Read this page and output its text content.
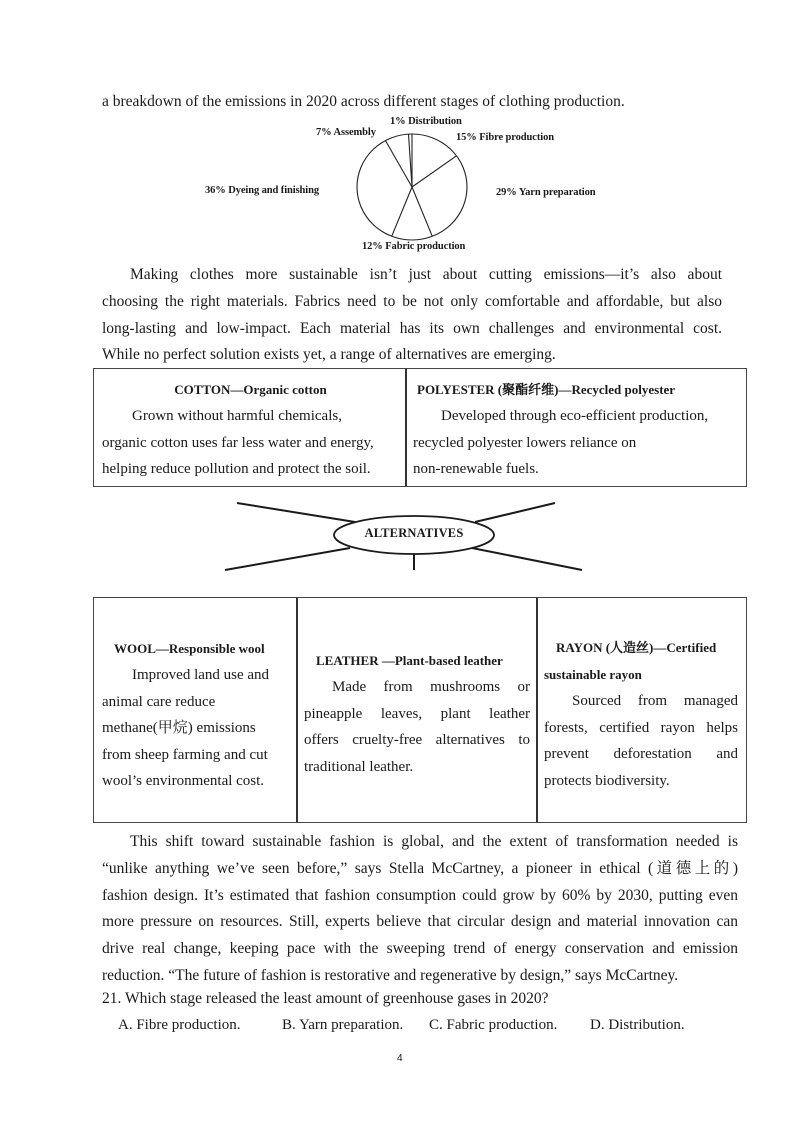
a breakdown of the emissions in 2020 across different stages of clothing production.
1% Distribution
7% Assembly	15% Fibre production
36% Dyeing and finishing	29% Yarn preparation
12% Fabric production

Making clothes more sustainable isn’t just about cutting emissions—it’s also about

choosing the right materials. Fabrics need to be not only comfortable and affordable, but also

long-lasting and low-impact. Each material has its own challenges and environmental cost.

While no perfect solution exists yet, a range of alternatives are emerging.

COTTON—Organic cotton
Grown without harmful chemicals,
organic cotton uses far less water and energy,
helping reduce pollution and protect the soil.
POLYESTER (聚酯纤维)—Recycled polyester
Developed through eco-efficient production,
recycled polyester lowers reliance on
non-renewable fuels.
ALTERNATIVES
WOOL—Responsible wool
Improved land use and
animal care reduce
methane(甲烷) emissions
from sheep farming and cut
wool’s environmental cost.
LEATHER —Plant-based leather
Made from mushrooms or
pineapple leaves, plant leather
offers cruelty-free alternatives to
traditional leather.
RAYON (人造丝)—Certified
sustainable rayon
Sourced from managed
forests, certified rayon helps
prevent deforestation and
protects biodiversity.

This shift toward sustainable fashion is global, and the extent of transformation needed is

“unlike anything we’ve seen before,” says Stella McCartney, a pioneer in ethical (道德上的)

fashion design. It’s estimated that fashion consumption could grow by 60% by 2030, putting even

more pressure on resources. Still, experts believe that circular design and material innovation can

drive real change, keeping pace with the sweeping trend of energy conservation and emission

reduction. “The future of fashion is restorative and regenerative by design,” says McCartney.

21. Which stage released the least amount of greenhouse gases in 2020?
A. Fibre production.	B. Yarn preparation. C. Fabric production. D. Distribution.
4
